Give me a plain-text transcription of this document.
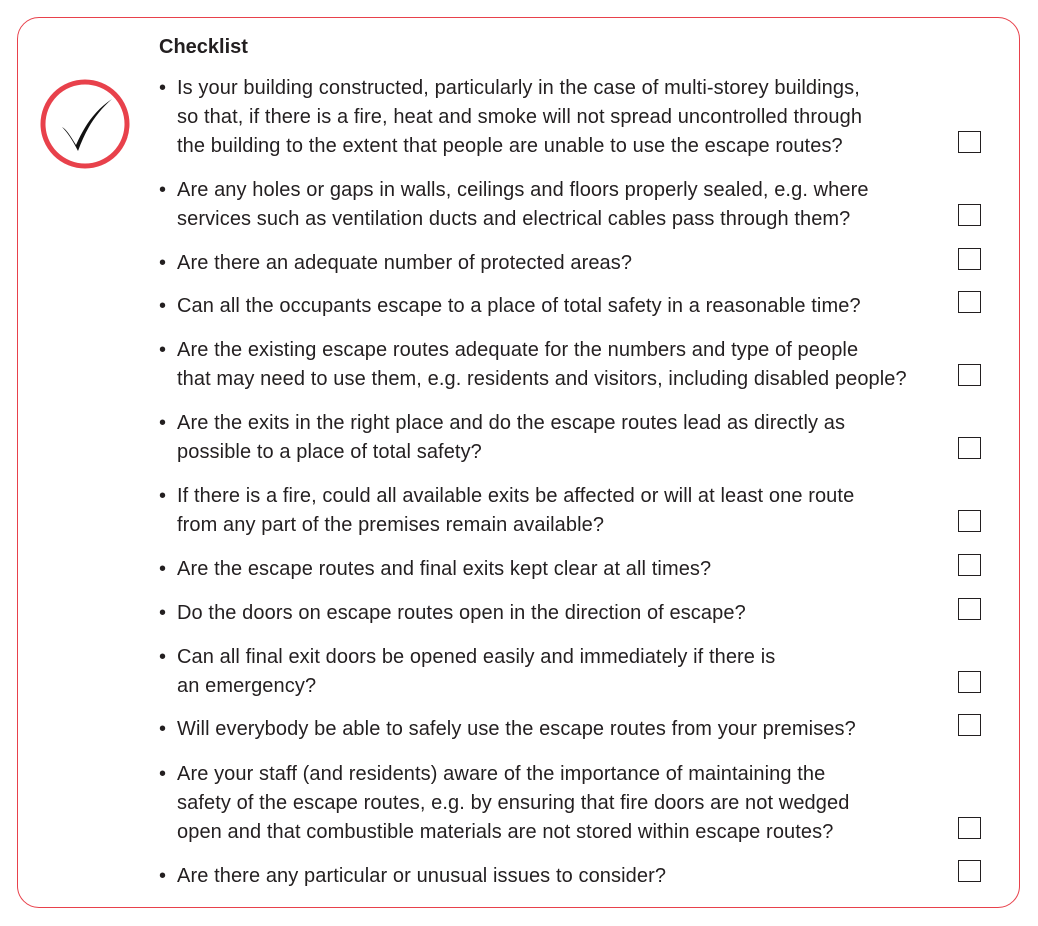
Checklist
• Is your building constructed, particularly in the case of multi-storey buildings,
so that, if there is a fire, heat and smoke will not spread uncontrolled through
the building to the extent that people are unable to use the escape routes?
• Are any holes or gaps in walls, ceilings and floors properly sealed, e.g. where
services such as ventilation ducts and electrical cables pass through them?
• Are there an adequate number of protected areas?
• Can all the occupants escape to a place of total safety in a reasonable time?
• Are the existing escape routes adequate for the numbers and type of people
that may need to use them, e.g. residents and visitors, including disabled people?
• Are the exits in the right place and do the escape routes lead as directly as
possible to a place of total safety?
• If there is a fire, could all available exits be affected or will at least one route
from any part of the premises remain available?
• Are the escape routes and final exits kept clear at all times?
• Do the doors on escape routes open in the direction of escape?
• Can all final exit doors be opened easily and immediately if there is
an emergency?
• Will everybody be able to safely use the escape routes from your premises?
• Are your staff (and residents) aware of the importance of maintaining the
safety of the escape routes, e.g. by ensuring that fire doors are not wedged
open and that combustible materials are not stored within escape routes?
• Are there any particular or unusual issues to consider?
